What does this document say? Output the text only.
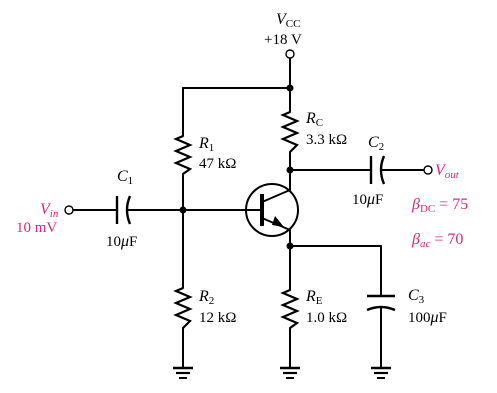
VCC
+18 V
R1
47 kΩ
RC
3.3 kΩ C2
10μF
Vout
C1
10μF
Vin
10 mV
βDC = 75
βac = 70
R2
12 kΩ
RE
1.0 kΩ
C3
100μF
